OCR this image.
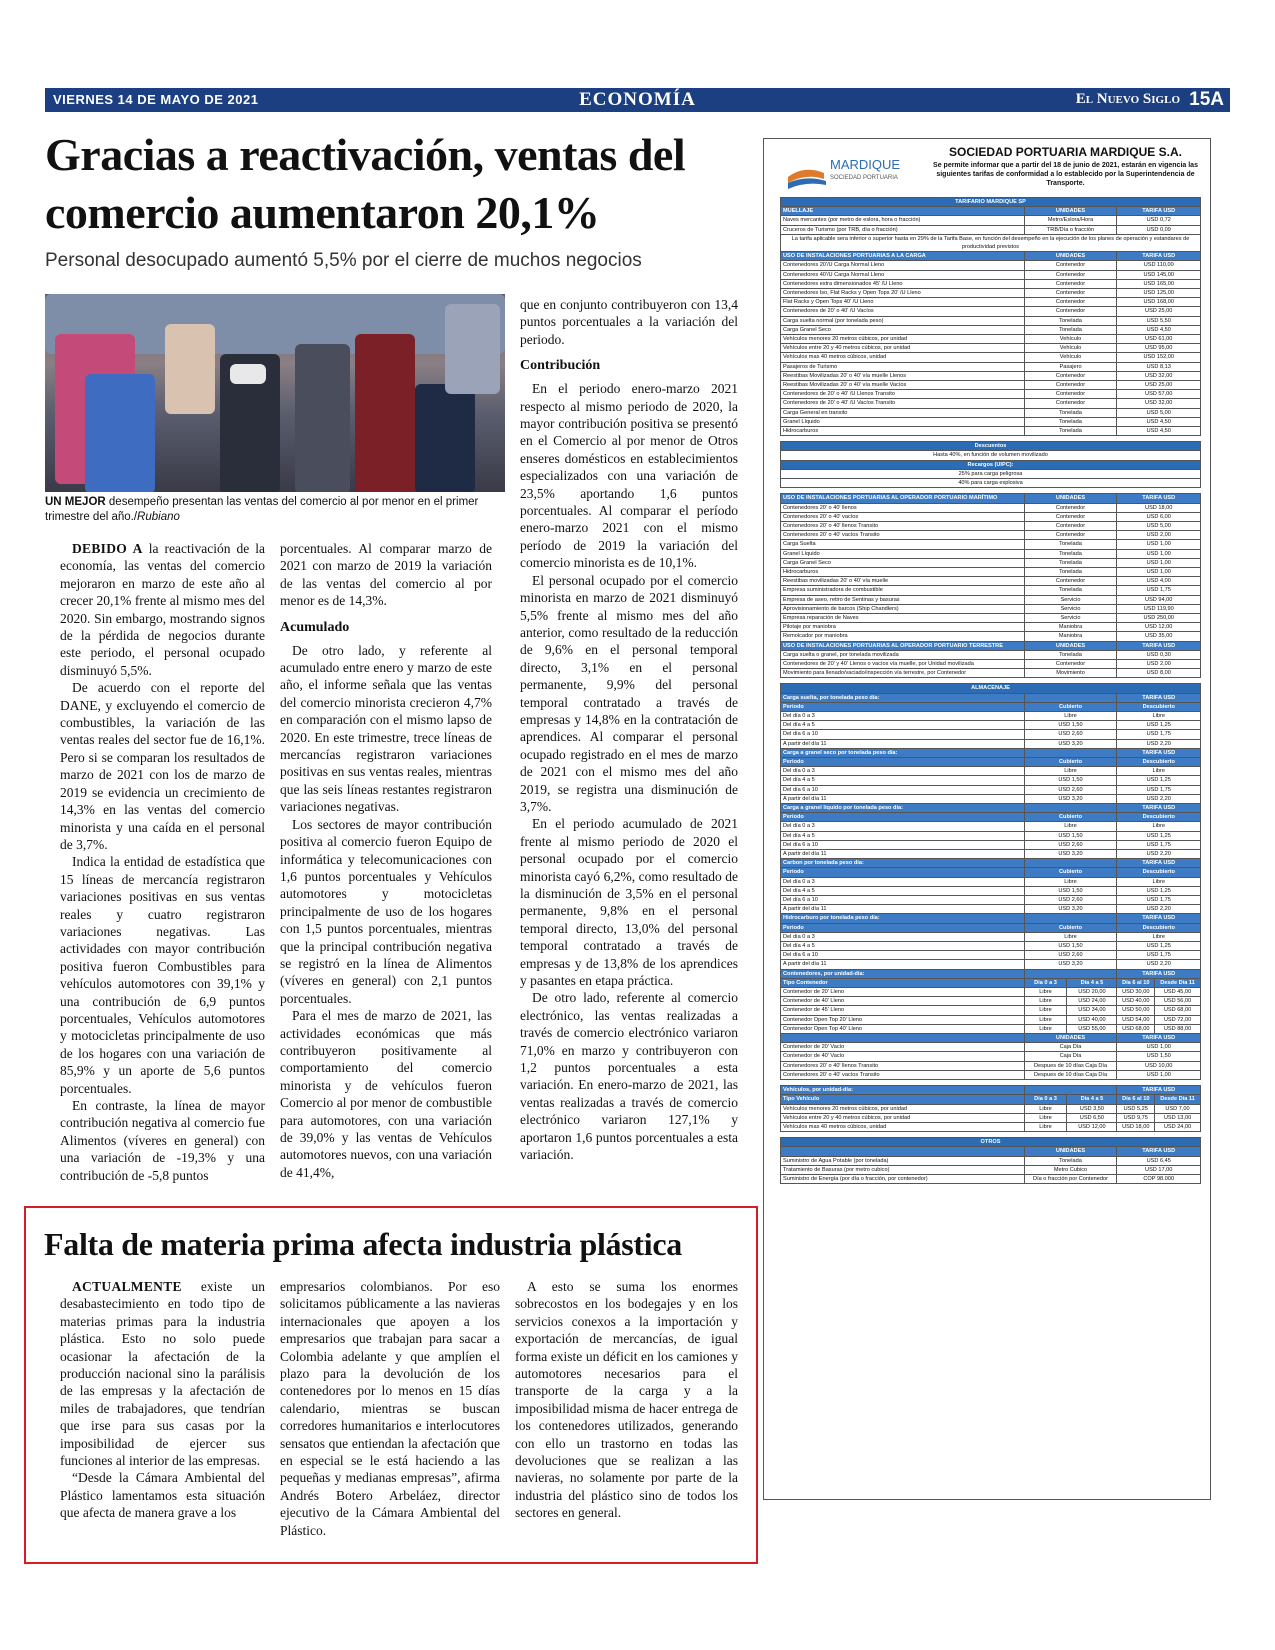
VIERNES 14 DE MAYO DE 2021	ECONOMÍA	El Nuevo Siglo 15A
Gracias a reactivación, ventas del comercio aumentaron 20,1%
Personal desocupado aumentó 5,5% por el cierre de muchos negocios
UN MEJOR desempeño presentan las ventas del comercio al por menor en el primer trimestre del año./Rubiano

DEBIDO A la reactivación de la economía, las ventas del comercio mejoraron en marzo de este año al crecer 20,1% frente al mismo mes del 2020. Sin embargo, mostrando signos de la pérdida de negocios durante este periodo, el personal ocupado disminuyó 5,5%.

De acuerdo con el reporte del DANE, y excluyendo el comercio de combustibles, la variación de las ventas reales del sector fue de 16,1%. Pero si se comparan los resultados de marzo de 2021 con los de marzo de 2019 se evidencia un crecimiento de 14,3% en las ventas del comercio minorista y una caída en el personal de 3,7%.

Indica la entidad de estadística que 15 líneas de mercancía registraron variaciones positivas en sus ventas reales y cuatro registraron variaciones negativas. Las actividades con mayor contribución positiva fueron Combustibles para vehículos automotores con 39,1% y una contribución de 6,9 puntos porcentuales, Vehículos automotores y motocicletas principalmente de uso de los hogares con una variación de 85,9% y un aporte de 5,6 puntos porcentuales.

En contraste, la línea de mayor contribución negativa al comercio fue Alimentos (víveres en general) con una variación de -19,3% y una contribución de -5,8 puntos

porcentuales. Al comparar marzo de 2021 con marzo de 2019 la variación de las ventas del comercio al por menor es de 14,3%.

Acumulado

De otro lado, y referente al acumulado entre enero y marzo de este año, el informe señala que las ventas del comercio minorista crecieron 4,7% en comparación con el mismo lapso de 2020. En este trimestre, trece líneas de mercancías registraron variaciones positivas en sus ventas reales, mientras que las seis líneas restantes registraron variaciones negativas.

Los sectores de mayor contribución positiva al comercio fueron Equipo de informática y telecomunicaciones con 1,6 puntos porcentuales y Vehículos automotores y motocicletas principalmente de uso de los hogares con 1,5 puntos porcentuales, mientras que la principal contribución negativa se registró en la línea de Alimentos (víveres en general) con 2,1 puntos porcentuales.

Para el mes de marzo de 2021, las actividades económicas que más contribuyeron positivamente al comportamiento del comercio minorista y de vehículos fueron Comercio al por menor de combustible para automotores, con una variación de 39,0% y las ventas de Vehículos automotores nuevos, con una variación de 41,4%,

que en conjunto contribuyeron con 13,4 puntos porcentuales a la variación del periodo.

Contribución

En el periodo enero-marzo 2021 respecto al mismo periodo de 2020, la mayor contribución positiva se presentó en el Comercio al por menor de Otros enseres domésticos en establecimientos especializados con una variación de 23,5% aportando 1,6 puntos porcentuales. Al comparar el período enero-marzo 2021 con el mismo período de 2019 la variación del comercio minorista es de 10,1%.

El personal ocupado por el comercio minorista en marzo de 2021 disminuyó 5,5% frente al mismo mes del año anterior, como resultado de la reducción de 9,6% en el personal temporal directo, 3,1% en el personal permanente, 9,9% del personal temporal contratado a través de empresas y 14,8% en la contratación de aprendices. Al comparar el personal ocupado registrado en el mes de marzo de 2021 con el mismo mes del año 2019, se registra una disminución de 3,7%.

En el periodo acumulado de 2021 frente al mismo periodo de 2020 el personal ocupado por el comercio minorista cayó 6,2%, como resultado de la disminución de 3,5% en el personal permanente, 9,8% en el personal temporal directo, 13,0% del personal temporal contratado a través de empresas y de 13,8% de los aprendices y pasantes en etapa práctica.

De otro lado, referente al comercio electrónico, las ventas realizadas a través de comercio electrónico variaron 71,0% en marzo y contribuyeron con 1,2 puntos porcentuales a esta variación. En enero-marzo de 2021, las ventas realizadas a través de comercio electrónico variaron 127,1% y aportaron 1,6 puntos porcentuales a esta variación.

Falta de materia prima afecta industria plástica

ACTUALMENTE existe un desabastecimiento en todo tipo de materias primas para la industria plástica. Esto no solo puede ocasionar la afectación de la producción nacional sino la parálisis de las empresas y la afectación de miles de trabajadores, que tendrían que irse para sus casas por la imposibilidad de ejercer sus funciones al interior de las empresas.

“Desde la Cámara Ambiental del Plástico lamentamos esta situación que afecta de manera grave a los

empresarios colombianos. Por eso solicitamos públicamente a las navieras internacionales que apoyen a los empresarios que trabajan para sacar a Colombia adelante y que amplíen el plazo para la devolución de los contenedores por lo menos en 15 días calendario, mientras se buscan corredores humanitarios e interlocutores sensatos que entiendan la afectación que en especial se le está haciendo a las pequeñas y medianas empresas”, afirma Andrés Botero Arbeláez, director ejecutivo de la Cámara Ambiental del Plástico.

A esto se suma los enormes sobrecostos en los bodegajes y en los servicios conexos a la importación y exportación de mercancías, de igual forma existe un déficit en los camiones y automotores necesarios para el transporte de la carga y a la imposibilidad misma de hacer entrega de los contenedores utilizados, generando con ello un trastorno en todas las devoluciones que se realizan a las navieras, no solamente por parte de la industria del plástico sino de todos los sectores en general.

MARDIQUE
SOCIEDAD PORTUARIA
SOCIEDAD PORTUARIA MARDIQUE S.A.
Se permite informar que a partir del 18 de junio de 2021, estarán en vigencia las siguientes tarifas de conformidad a lo establecido por la Superintendencia de Transporte.
TARIFARIO MARDIQUE SP				
MUELLAJE	UNIDADES		TARIFA USD	
Naves mercantes (por metro de eslora, hora o fracción)	Metro/Eslora/Hora		USD 0,72	
Cruceros de Turismo (por TRB, día o fracción)	TRB/Día o fracción		USD 0,09	
La tarifa aplicable sera inferior o superior hasta en 29% de la Tarifa Base, en función del desempeño en la ejecución de los planes de operación y estandares de productividad previstos				
USO DE INSTALACIONES PORTUARIAS A LA CARGA	UNIDADES		TARIFA USD	
Contenedores 20'/U Carga Normal Lleno	Contenedor		USD 110,00	
Contenedores 40'/U Carga Normal Lleno	Contenedor		USD 145,00	
Contenedores extra dimensionados 45' /U Lleno	Contenedor		USD 165,00	
Contenedores Iso, Flat Racks y Open Tops 20' /U Lleno	Contenedor		USD 125,00	
Flat Racks y Open Tops 40' /U Lleno	Contenedor		USD 168,00	
Contenedores de 20' o 40' /U Vacíos	Contenedor		USD 25,00	
Carga suelta normal (por tonelada peso)	Tonelada		USD 5,50	
Carga Granel Seco	Tonelada		USD 4,50	
Vehículos menores 20 metros cúbicos, por unidad	Vehículo		USD 61,00	
Vehículos entre 20 y 40 metros cúbicos, por unidad	Vehículo		USD 95,00	
Vehículos mas 40 metros cúbicos, unidad	Vehículo		USD 152,00	
Pasajeros de Turismo	Pasajero		USD 8,13	
Reestibas Movilizadas 20' o 40' vía muelle Llenos	Contenedor		USD 32,00	
Reestibas Movilizadas 20' o 40' vía muelle Vacíos	Contenedor		USD 25,00	
Contenedores de 20' o 40' /U Llenos Transito	Contenedor		USD 57,00	
Contenedores de 20' o 40' /U Vacíos Transito	Contenedor		USD 32,00	
Carga General en transito	Tonelada		USD 5,00	
Granel Líquido	Tonelada		USD 4,50	
Hidrocarburos	Tonelada		USD 4,50	

Descuentos				
Hasta 40%, en función de volumen movilizado				
Recargos (UIPC):				
25% para carga peligrosa				
40% para carga explosiva				

USO DE INSTALACIONES PORTUARIAS AL OPERADOR PORTUARIO MARÍTIMO	UNIDADES		TARIFA USD	
Contenedores 20' o 40' llenos	Contenedor		USD 18,00	
Contenedores 20' o 40' vacíos	Contenedor		USD 6,00	
Contenedores 20' o 40' llenos Transito	Contenedor		USD 5,00	
Contenedores 20' o 40' vacíos Transito	Contenedor		USD 2,00	
Carga Suelta	Tonelada		USD 1,00	
Granel Líquido	Tonelada		USD 1,00	
Carga Granel Seco	Tonelada		USD 1,00	
Hidrocarburos	Tonelada		USD 1,00	
Reestibas movilizadas 20' o 40' vía muelle	Contenedor		USD 4,00	
Empresa suministradora de combustible	Tonelada		USD 1,75	
Empresa de aseo, retiro de Sentinas y basuras	Servicio		USD 94,00	
Aprovisionamiento de barcos (Ship Chandlers)	Servicio		USD 119,90	
Empresa reparación de Naves	Servicio		USD 250,00	
Pilotaje por maniobra	Maniobra		USD 12,00	
Remolcador por maniobra	Maniobra		USD 35,00	
USO DE INSTALACIONES PORTUARIAS AL OPERADOR PORTUARIO TERRESTRE	UNIDADES		TARIFA USD	
Carga suelta o granel, por tonelada movilizada	Tonelada		USD 0,30	
Contenedores de 20' y 40' Llenos o vacíos vía muelle, por Unidad movilizada	Contenedor		USD 2,00	
Movimiento para llenado/vaciado/inspección vía terrestre, por Contenedor	Movimiento		USD 8,00	

ALMACENAJE				
Carga suelta, por tonelada peso día:			TARIFA USD	
Periodo	Cubierto		Descubierto	
Del día 0 a 3	Libre		Libre	
Del día 4 a 5	USD 1,50		USD 1,25	
Del día 6 a 10	USD 2,60		USD 1,75	
A partir del día 11	USD 3,20		USD 2,20	
Carga a granel seco por tonelada peso día:			TARIFA USD	
Periodo	Cubierto		Descubierto	
Del día 0 a 3	Libre		Libre	
Del día 4 a 5	USD 1,50		USD 1,25	
Del día 6 a 10	USD 2,60		USD 1,75	
A partir del día 11	USD 3,20		USD 2,20	
Carga a granel líquido por tonelada peso día:			TARIFA USD	
Periodo	Cubierto		Descubierto	
Del día 0 a 3	Libre		Libre	
Del día 4 a 5	USD 1,50		USD 1,25	
Del día 6 a 10	USD 2,60		USD 1,75	
A partir del día 11	USD 3,20		USD 2,20	
Carbon por tonelada peso día:			TARIFA USD	
Periodo	Cubierto		Descubierto	
Del día 0 a 3	Libre		Libre	
Del día 4 a 5	USD 1,50		USD 1,25	
Del día 6 a 10	USD 2,60		USD 1,75	
A partir del día 11	USD 3,20		USD 2,20	
Hidrocarburo por tonelada peso día:			TARIFA USD	
Periodo	Cubierto		Descubierto	
Del día 0 a 3	Libre		Libre	
Del día 4 a 5	USD 1,50		USD 1,25	
Del día 6 a 10	USD 2,60		USD 1,75	
A partir del día 11	USD 3,20		USD 2,20	
Contenedores, por unidad-día:			TARIFA USD	
Tipo Contenedor	Día 0 a 3	Día 4 a 5	Día 6 al 10	Desde Día 11
Contenedor de 20' Lleno	Libre	USD 20,00	USD 30,00	USD 45,00
Contenedor de 40' Lleno	Libre	USD 24,00	USD 40,00	USD 56,00
Contenedor de 45' Lleno	Libre	USD 34,00	USD 50,00	USD 68,00
Contenedor Open Top 20' Lleno	Libre	USD 40,00	USD 54,00	USD 72,00
Contenedor Open Top 40' Lleno	Libre	USD 55,00	USD 68,00	USD 88,00
	UNIDADES		TARIFA USD	
Contenedor de 20' Vacío	Caja Día		USD 1,00	
Contenedor de 40' Vacío	Caja Día		USD 1,50	
Contenedores 20' o 40' llenos Transito	Despues de 10 días Caja Día		USD 10,00	
Contenedores 20' o 40' vacíos Transito	Despues de 10 días Caja Día		USD 1,00	

Vehículos, por unidad-día:			TARIFA USD	
Tipo Vehículo	Día 0 a 3	Día 4 a 5	Día 6 al 10	Desde Día 11
Vehículos menores 20 metros cúbicos, por unidad	Libre	USD 3,50	USD 5,25	USD 7,00
Vehículos entre 20 y 40 metros cúbicos, por unidad	Libre	USD 6,50	USD 9,75	USD 13,00
Vehículos mas 40 metros cúbicos, unidad	Libre	USD 12,00	USD 18,00	USD 24,00

OTROS				
	UNIDADES		TARIFA USD	
Suministro de Agua Potable (por tonelada)	Tonelada		USD 6,45	
Tratamiento de Basuras (por metro cubico)	Metro Cubico		USD 17,00	
Suministro de Energía (por día o fracción, por contenedor)	Día o fracción por Contenedor		COP 98.000	
